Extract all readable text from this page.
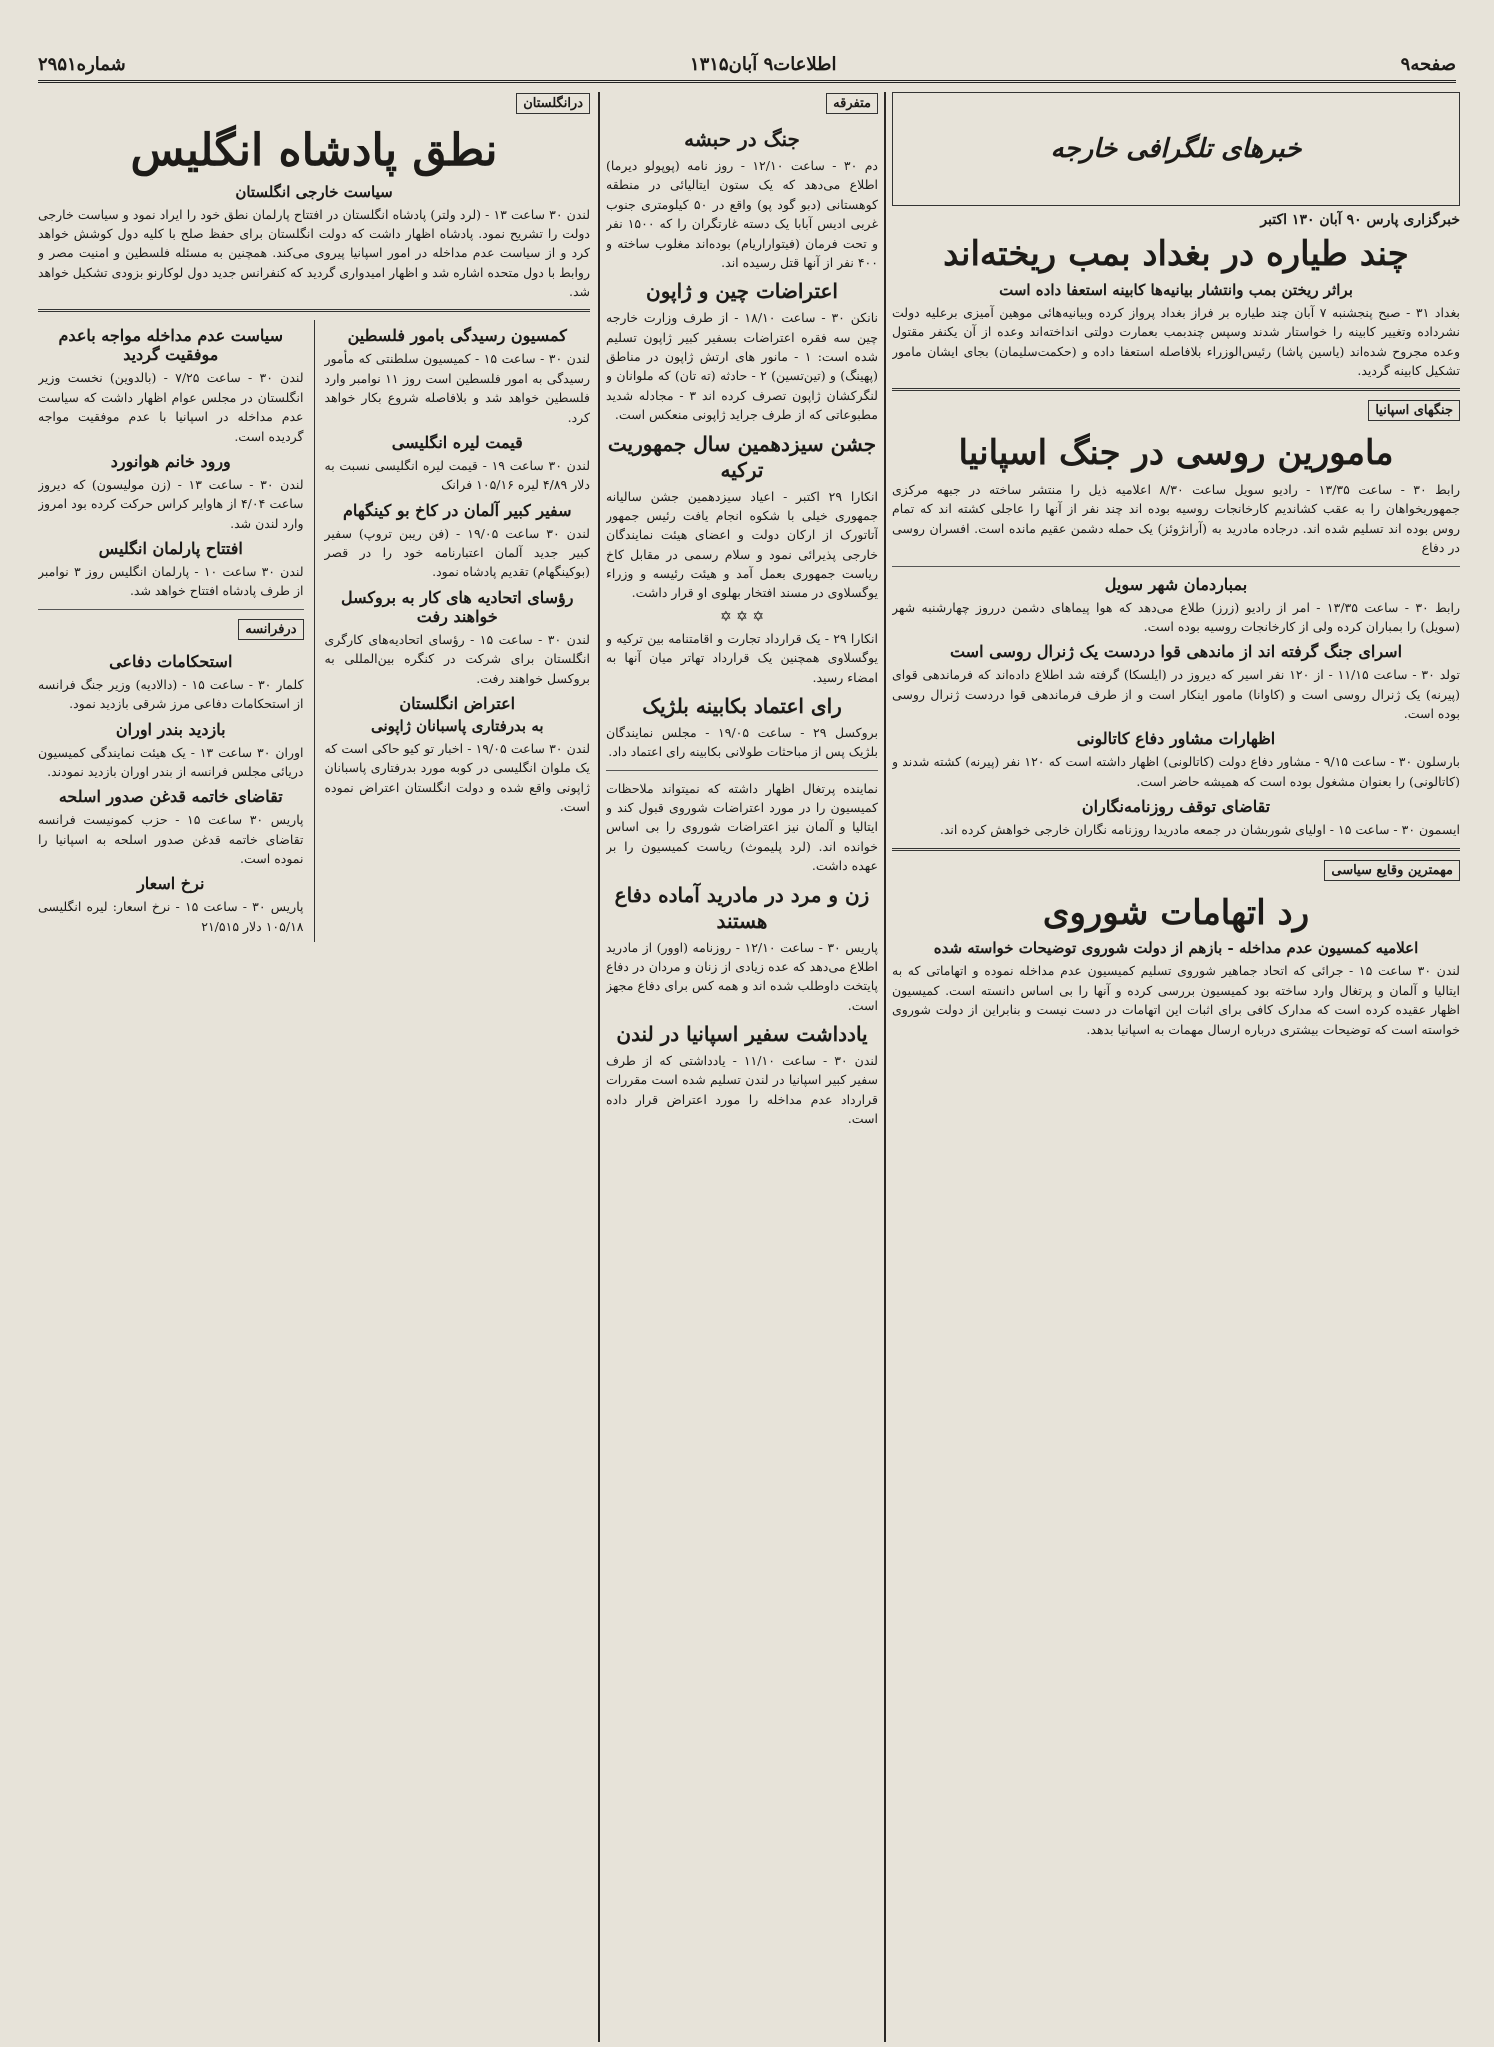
شماره۲۹۵۱	اطلاعات۹ آبان۱۳۱۵	صفحه۹
خبرهای تلگرافی خارجه
خبرگزاری پارس ۹۰ آبان ۱۳۰ اکتبر
چند طیاره در بغداد بمب ریخته‌اند
براثر ریختن بمب وانتشار بیانیه‌ها کابینه استعفا داده است

بغداد ۳۱ - صبح پنجشنبه ۷ آبان چند طیاره بر فراز بغداد پرواز کرده وبیانیه‌هائی موهین آمیزی برعلیه دولت نشرداده وتغییر کابینه را خواستار شدند وسپس چندبمب بعمارت دولتی انداخته‌اند وعده از آن یکنفر مقتول وعده مجروح شده‌اند (یاسین پاشا) رئیس‌الوزراء بلافاصله استعفا داده و (حکمت‌سلیمان) بجای ایشان مامور تشکیل کابینه گردید.

جنگهای اسپانیا
مامورین روسی در جنگ اسپانیا

رابط ۳۰ - ساعت ۱۳/۳۵ - رادیو سویل ساعت ۸/۳۰ اعلامیه ذیل را منتشر ساخته در جبهه مرکزی جمهوریخواهان را به عقب کشاندیم کارخانجات روسیه بوده اند چند نفر از آنها را عاجلی کشته اند که تمام روس بوده اند تسلیم شده اند. درجاده مادرید به (آرانژوئز) یک حمله دشمن عقیم مانده است. افسران روسی در دفاع

بمباردمان شهر سویل

رابط ۳۰ - ساعت ۱۳/۳۵ - امر از رادیو (زرز) طلاع می‌دهد که هوا پیماهای دشمن درروز چهارشنبه شهر (سویل) را بمباران کرده ولی از کارخانجات روسیه بوده است.

اسرای جنگ گرفته اند از ماندهی قوا دردست یک ژنرال روسی است

تولد ۳۰ - ساعت ۱۱/۱۵ - از ۱۲۰ نفر اسیر که دیروز در (ایلسکا) گرفته شد اطلاع داده‌اند که فرماندهی قوای (پیرنه) یک ژنرال روسی است و (کاوانا) مامور اینکار است و از طرف فرماندهی قوا دردست ژنرال روسی بوده است.

اظهارات مشاور دفاع کاتالونی

بارسلون ۳۰ - ساعت ۹/۱۵ - مشاور دفاع دولت (کاتالونی) اظهار داشته است که ۱۲۰ نفر (پیرنه) کشته شدند و (کاتالونی) را بعنوان مشغول بوده است که همیشه حاضر است.

تقاضای توقف روزنامه‌نگاران

ایسمون ۳۰ - ساعت ۱۵ - اولیای شوربشان در جمعه مادریدا روزنامه نگاران خارجی خواهش کرده اند.

مهمترین وقایع سیاسی
رد اتهامات شوروی
اعلامیه کمسیون عدم مداخله - بازهم از دولت شوروی توضیحات خواسته شده

لندن ۳۰ ساعت ۱۵ - جرائی که اتحاد جماهیر شوروی تسلیم کمیسیون عدم مداخله نموده و اتهاماتی که به ایتالیا و آلمان و پرتغال وارد ساخته بود کمیسیون بررسی کرده و آنها را بی اساس دانسته است. کمیسیون اظهار عقیده کرده است که مدارک کافی برای اثبات این اتهامات در دست نیست و بنابراین از دولت شوروی خواسته است که توضیحات بیشتری درباره ارسال مهمات به اسپانیا بدهد.

متفرقه
جنگ در حبشه

دم ۳۰ - ساعت ۱۲/۱۰ - روز نامه (پوپولو دیرما) اطلاع می‌دهد که یک ستون ایتالیائی در منطقه کوهستانی (دبو گود پو) واقع در ۵۰ کیلومتری جنوب غربی ادیس آبابا یک دسته غارتگران را که ۱۵۰۰ نفر و تحت فرمان (فیتواراریام) بوده‌اند مغلوب ساخته و ۴۰۰ نفر از آنها قتل رسیده اند.

اعتراضات چین و ژاپون

نانکن ۳۰ - ساعت ۱۸/۱۰ - از طرف وزارت خارجه چین سه فقره اعتراضات بسفیر کبیر ژاپون تسلیم شده است: ۱ - مانور های ارتش ژاپون در مناطق (پهینگ) و (تین‌تسین) ۲ - حادثه (ته تان) که ملوانان و لنگرکشان ژاپون تصرف کرده اند ۳ - مجادله شدید مطبوعاتی که از طرف جراید ژاپونی منعکس است.

جشن سیزدهمین سال جمهوریت ترکیه

انکارا ۲۹ اکتبر - اعیاد سیزدهمین جشن سالیانه جمهوری خیلی با شکوه انجام یافت رئیس جمهور آتاتورک از ارکان دولت و اعضای هیئت نمایندگان خارجی پذیرائی نمود و سلام رسمی در مقابل کاخ ریاست جمهوری بعمل آمد و هیئت رئیسه و وزراء یوگسلاوی در مسند افتخار بهلوی او قرار داشت.

✡ ✡ ✡

انکارا ۲۹ - یک قرارداد تجارت و اقامتنامه بین ترکیه و یوگسلاوی همچنین یک قرارداد تهاتر میان آنها به امضاء رسید.

رای اعتماد بکابینه بلژیک

بروکسل ۲۹ - ساعت ۱۹/۰۵ - مجلس نمایندگان بلژیک پس از مباحثات طولانی بکابینه رای اعتماد داد.

نماینده پرتغال اظهار داشته که نمیتواند ملاحظات کمیسیون را در مورد اعتراضات شوروی قبول کند و ایتالیا و آلمان نیز اعتراضات شوروی را بی اساس خوانده اند. (لرد پلیموث) ریاست کمیسیون را بر عهده داشت.

زن و مرد در مادرید آماده دفاع هستند

پاریس ۳۰ - ساعت ۱۲/۱۰ - روزنامه (اوور) از مادرید اطلاع می‌دهد که عده زیادی از زنان و مردان در دفاع پایتخت داوطلب شده اند و همه کس برای دفاع مجهز است.

یادداشت سفیر اسپانیا در لندن

لندن ۳۰ - ساعت ۱۱/۱۰ - یادداشتی که از طرف سفیر کبیر اسپانیا در لندن تسلیم شده است مقررات قرارداد عدم مداخله را مورد اعتراض قرار داده است.

درانگلستان
نطق پادشاه انگلیس
سیاست خارجی انگلستان

لندن ۳۰ ساعت ۱۳ - (لرد ولتر) پادشاه انگلستان در افتتاح پارلمان نطق خود را ایراد نمود و سیاست خارجی دولت را تشریح نمود. پادشاه اظهار داشت که دولت انگلستان برای حفظ صلح با کلیه دول کوشش خواهد کرد و از سیاست عدم مداخله در امور اسپانیا پیروی می‌کند. همچنین به مسئله فلسطین و امنیت مصر و روابط با دول متحده اشاره شد و اظهار امیدواری گردید که کنفرانس جدید دول لوکارنو بزودی تشکیل خواهد شد.

کمسیون رسیدگی بامور فلسطین

لندن ۳۰ - ساعت ۱۵ - کمیسیون سلطنتی که مأمور رسیدگی به امور فلسطین است روز ۱۱ نوامبر وارد فلسطین خواهد شد و بلافاصله شروع بکار خواهد کرد.

قیمت لیره انگلیسی

لندن ۳۰ ساعت ۱۹ - قیمت لیره انگلیسی نسبت به دلار ۴/۸۹ لیره ۱۰۵/۱۶ فرانک

سفیر کبیر آلمان در کاخ بو کینگهام

لندن ۳۰ ساعت ۱۹/۰۵ - (فن ریبن تروپ) سفیر کبیر جدید آلمان اعتبارنامه خود را در قصر (بوکینگهام) تقدیم پادشاه نمود.

رؤسای اتحادیه های کار به بروکسل خواهند رفت

لندن ۳۰ - ساعت ۱۵ - رؤسای اتحادیه‌های کارگری انگلستان برای شرکت در کنگره بین‌المللی به بروکسل خواهند رفت.

اعتراض انگلستان
به بدرفتاری پاسبانان ژاپونی

لندن ۳۰ ساعت ۱۹/۰۵ - اخبار تو کیو حاکی است که یک ملوان انگلیسی در کوبه مورد بدرفتاری پاسبانان ژاپونی واقع شده و دولت انگلستان اعتراض نموده است.

سیاست عدم مداخله مواجه باعدم موفقیت گردید

لندن ۳۰ - ساعت ۷/۲۵ - (بالدوین) نخست وزیر انگلستان در مجلس عوام اظهار داشت که سیاست عدم مداخله در اسپانیا با عدم موفقیت مواجه گردیده است.

ورود خانم هوانورد

لندن ۳۰ - ساعت ۱۳ - (زن مولیسون) که دیروز ساعت ۴/۰۴ از هاوایر کراس حرکت کرده بود امروز وارد لندن شد.

افتتاح پارلمان انگلیس

لندن ۳۰ ساعت ۱۰ - پارلمان انگلیس روز ۳ نوامبر از طرف پادشاه افتتاح خواهد شد.

درفرانسه
استحکامات دفاعی

کلمار ۳۰ - ساعت ۱۵ - (دالادیه) وزیر جنگ فرانسه از استحکامات دفاعی مرز شرقی بازدید نمود.

بازدید بندر اوران

اوران ۳۰ ساعت ۱۳ - یک هیئت نمایندگی کمیسیون دریائی مجلس فرانسه از بندر اوران بازدید نمودند.

تقاضای خاتمه قدغن صدور اسلحه

پاریس ۳۰ ساعت ۱۵ - حزب کمونیست فرانسه تقاضای خاتمه قدغن صدور اسلحه به اسپانیا را نموده است.

نرخ اسعار

پاریس ۳۰ - ساعت ۱۵ - نرخ اسعار: لیره انگلیسی ۱۰۵/۱۸ دلار ۲۱/۵۱۵
